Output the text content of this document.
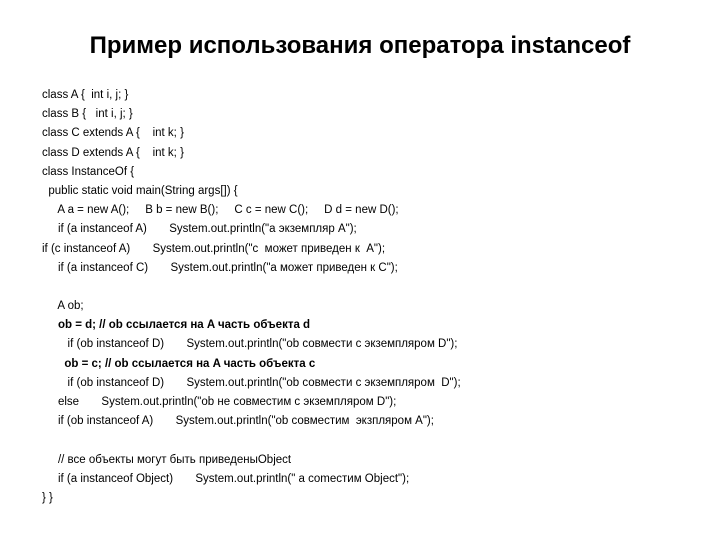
Пример использования оператора instanceof
class A {  int i, j; }
class B {   int i, j; }
class C extends A {    int k; }
class D extends A {    int k; }
class InstanceOf {
public static void main(String args[]) {
A a = new A();     B b = new B();     C c = new C();     D d = new D();
if (a instanceof A)       System.out.println("a экземпляр A");
if (c instanceof A)       System.out.println("c  может приведен к  A");
if (a instanceof C)       System.out.println("a может приведен к C");
A ob;
ob = d; // ob ссылается на A часть объекта d
if (ob instanceof D)       System.out.println("ob совмести с экземпляром D");
ob = c; // ob ссылается на A часть объекта c
if (ob instanceof D)       System.out.println("ob совмести с экземпляром  D");
else       System.out.println("ob не совместим с экземпляром D");
if (ob instanceof A)       System.out.println("ob совместим  экзпляром A");
// все объекты могут быть приведеныObject
if (a instanceof Object)       System.out.println(" a сomестим Object");
} }
